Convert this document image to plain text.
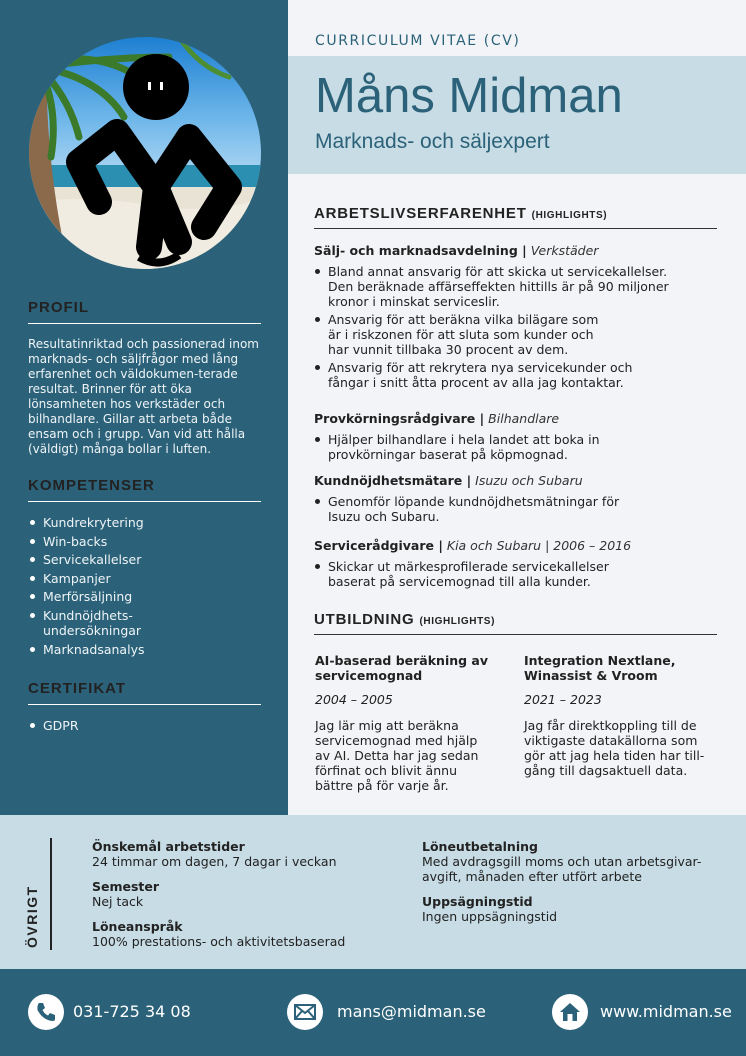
PROFIL

Resultatinriktad och passionerad inom marknads- och säljfrågor med lång erfarenhet och väldokumen-terade resultat. Brinner för att öka lönsamheten hos verkstäder och bilhandlare. Gillar att arbeta både ensam och i grupp. Van vid att hålla (väldigt) många bollar i luften.

KOMPETENSER
Kundrekrytering
Win-backs
Servicekallelser
Kampanjer
Merförsäljning
Kundnöjdhets-undersökningar
Marknadsanalys
CERTIFIKAT
GDPR
CURRICULUM VITAE (CV)
Måns Midman
Marknads- och säljexpert
ARBETSLIVSERFARENHET (HIGHLIGHTS)
Sälj- och marknadsavdelning | Verkstäder
Bland annat ansvarig för att skicka ut servicekallelser. Den beräknade affärseffekten hittills är på 90 miljoner kronor i minskat serviceslir.
Ansvarig för att beräkna vilka bilägare som är i riskzonen för att sluta som kunder och har vunnit tillbaka 30 procent av dem.
Ansvarig för att rekrytera nya servicekunder och fångar i snitt åtta procent av alla jag kontaktar.
Provkörningsrådgivare | Bilhandlare
Hjälper bilhandlare i hela landet att boka in provkörningar baserat på köpmognad.
Kundnöjdhetsmätare | Isuzu och Subaru
Genomför löpande kundnöjdhetsmätningar för Isuzu och Subaru.
Servicerådgivare | Kia och Subaru | 2006 – 2016
Skickar ut märkesprofilerade servicekallelser baserat på servicemognad till alla kunder.
UTBILDNING (HIGHLIGHTS)
AI-baserad beräkning av servicemognad
2004 – 2005
Jag lär mig att beräkna servicemognad med hjälp av AI. Detta har jag sedan förfinat och blivit ännu bättre på för varje år.
Integration Nextlane, Winassist & Vroom
2021 – 2023
Jag får direktkoppling till de viktigaste datakällorna som gör att jag hela tiden har till-gång till dagsaktuell data.
ÖVRIGT
Önskemål arbetstider
24 timmar om dagen, 7 dagar i veckan
Semester
Nej tack
Löneanspråk
100% prestations- och aktivitetsbaserad
Löneutbetalning
Med avdragsgill moms och utan arbetsgivar-avgift, månaden efter utfört arbete
Uppsägningstid
Ingen uppsägningstid
031-725 34 08	mans@midman.se	www.midman.se
